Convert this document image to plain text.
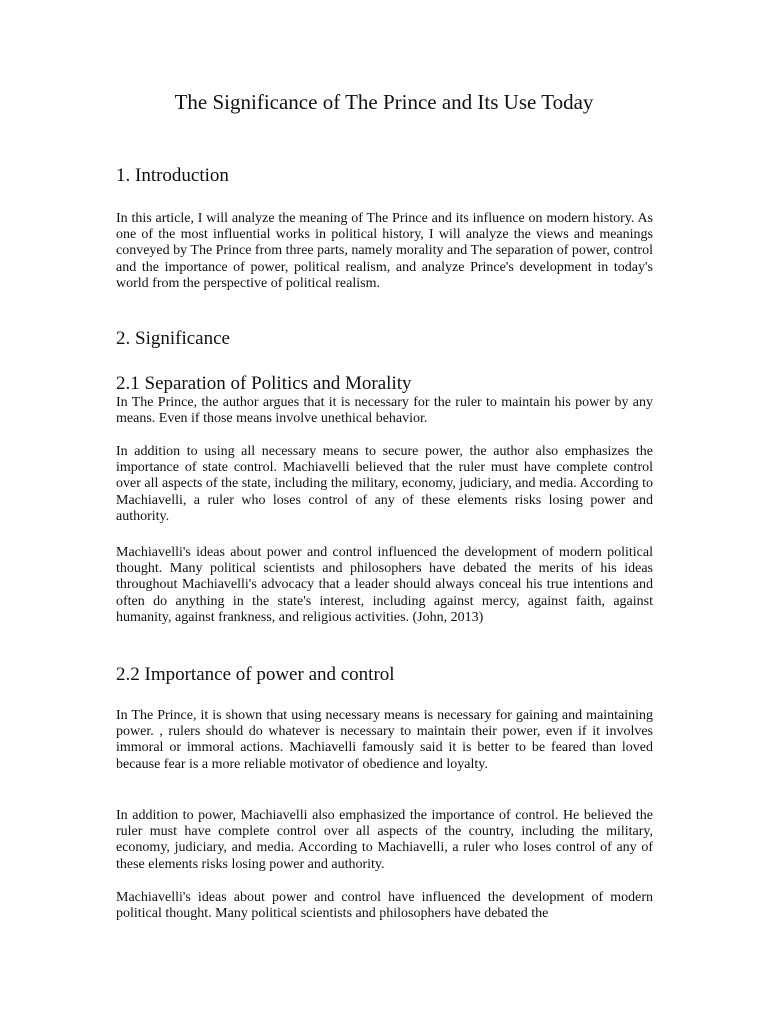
The Significance of The Prince and Its Use Today
1. Introduction

In this article, I will analyze the meaning of The Prince and its influence on modern history. As one of the most influential works in political history, I will analyze the views and meanings conveyed by The Prince from three parts, namely morality and The separation of power, control and the importance of power, political realism, and analyze Prince's development in today's world from the perspective of political realism.

2. Significance
2.1 Separation of Politics and Morality

In The Prince, the author argues that it is necessary for the ruler to maintain his power by any means. Even if those means involve unethical behavior.

In addition to using all necessary means to secure power, the author also emphasizes the importance of state control. Machiavelli believed that the ruler must have complete control over all aspects of the state, including the military, economy, judiciary, and media. According to Machiavelli, a ruler who loses control of any of these elements risks losing power and authority.

Machiavelli's ideas about power and control influenced the development of modern political thought. Many political scientists and philosophers have debated the merits of his ideas throughout Machiavelli's advocacy that a leader should always conceal his true intentions and often do anything in the state's interest, including against mercy, against faith, against humanity, against frankness, and religious activities. (John, 2013)

2.2 Importance of power and control

In The Prince, it is shown that using necessary means is necessary for gaining and maintaining power. , rulers should do whatever is necessary to maintain their power, even if it involves immoral or immoral actions. Machiavelli famously said it is better to be feared than loved because fear is a more reliable motivator of obedience and loyalty.

In addition to power, Machiavelli also emphasized the importance of control. He believed the ruler must have complete control over all aspects of the country, including the military, economy, judiciary, and media. According to Machiavelli, a ruler who loses control of any of these elements risks losing power and authority.

Machiavelli's ideas about power and control have influenced the development of modern political thought. Many political scientists and philosophers have debated the
